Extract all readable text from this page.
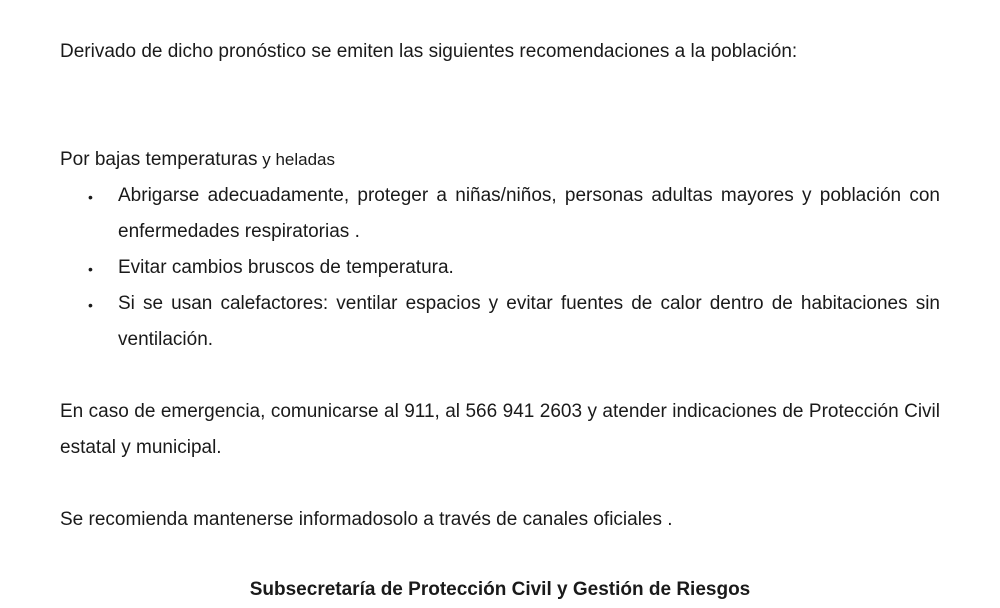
Derivado de dicho pronóstico se emiten las siguientes recomendaciones a la población:

Por bajas temperaturas y heladas

• Abrigarse adecuadamente, proteger a niñas/niños, personas adultas mayores y población con enfermedades respiratorias .
• Evitar cambios bruscos de temperatura.
• Si se usan calefactores: ventilar espacios y evitar fuentes de calor dentro de habitaciones sin ventilación.

En caso de emergencia, comunicarse al 911, al 566 941 2603 y atender indicaciones de Protección Civil estatal y municipal.

Se recomienda mantenerse informadosolo a través de canales oficiales .

Subsecretaría de Protección Civil y Gestión de Riesgos
